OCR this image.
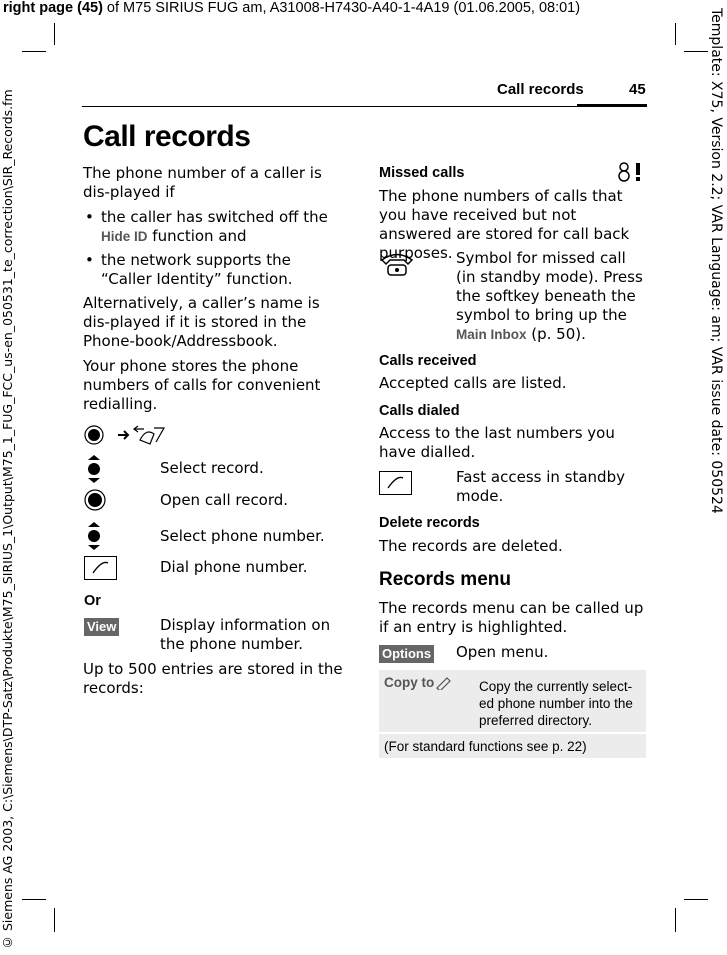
right page (45) of M75 SIRIUS FUG am, A31008-H7430-A40-1-4A19 (01.06.2005, 08:01)	Template: X75, Version 2.2; VAR Language: am; VAR issue date: 050524
© Siemens AG 2003, C:\Siemens\DTP-Satz\Produkte\M75_SIRIUS_1\Output\M75_1_FUG_FCC_us-en_050531_te_correction\SIR_Records.fm	Call records	45
Call records

The phone number of a caller is dis-played if

• the caller has switched off the
Hide ID function and
• the network supports the “Caller Identity” function.

Alternatively, a caller’s name is dis-played if it is stored in the Phone-book/Addressbook.

Your phone stores the phone numbers of calls for convenient redialling.

Select record.
Open call record.
Select phone number.
Dial phone number.
Or
View	Display information on the phone number.
Up to 500 entries are stored in the records:
Missed calls
The phone numbers of calls that you have received but not answered are stored for call back purposes. Symbol for missed call (in standby mode). Press the softkey beneath the symbol to bring up the Main Inbox (p. 50).
Calls received
Accepted calls are listed.
Calls dialed
Access to the last numbers you have dialled.
Fast access in standby mode.
Delete records
The records are deleted.
Records menu
The records menu can be called up if an entry is highlighted.
Options Open menu.
Copy to	Copy the currently select-ed phone number into the preferred directory.
(For standard functions see p. 22)
